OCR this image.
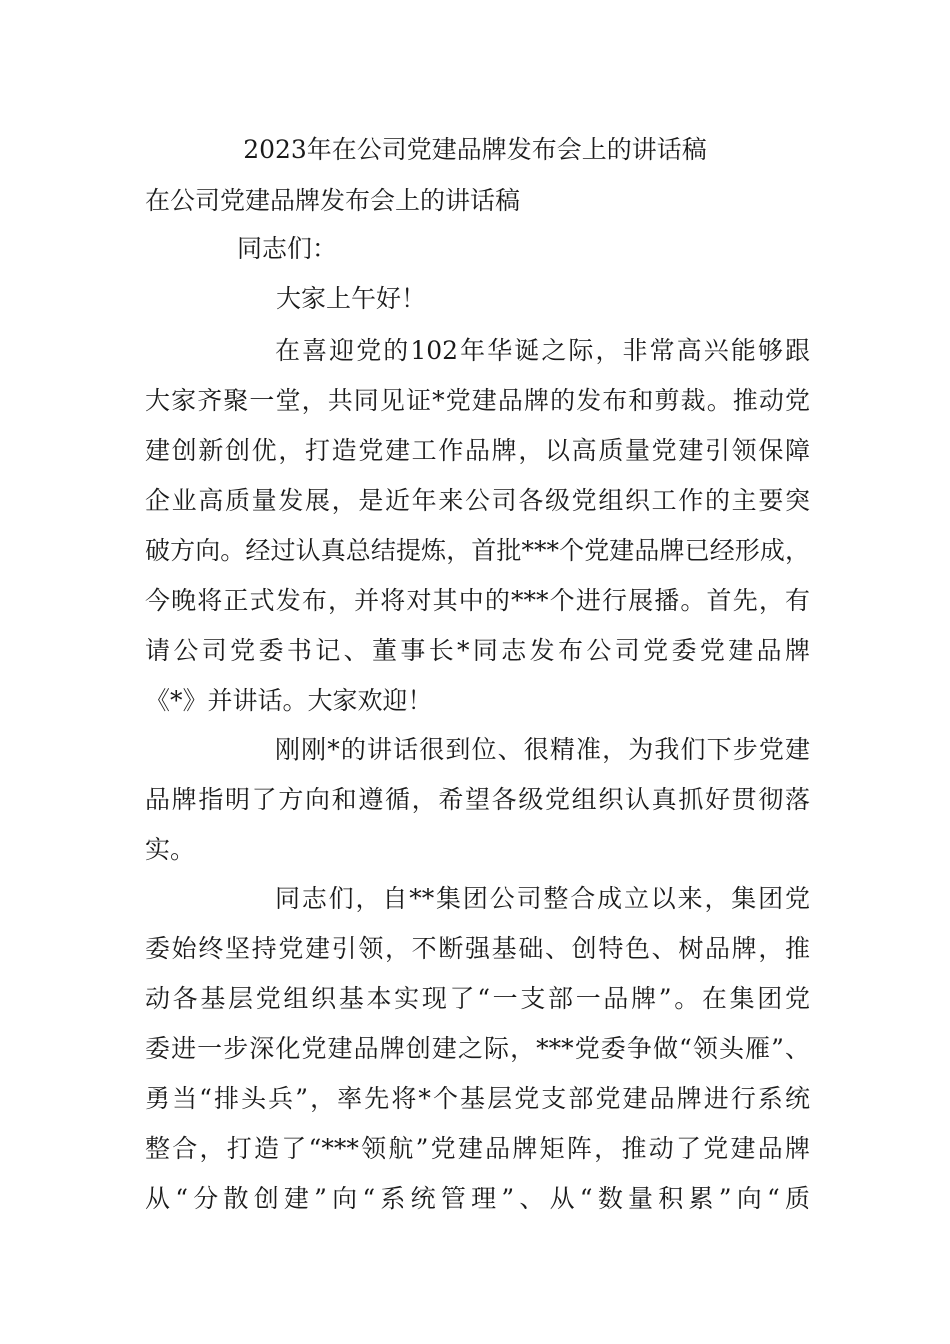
2023年在公司党建品牌发布会上的讲话稿

在公司党建品牌发布会上的讲话稿

同志们：

大家上午好！

在喜迎党的102年华诞之际，非常高兴能够跟
大家齐聚一堂，共同见证*党建品牌的发布和剪裁。推动党
建创新创优，打造党建工作品牌，以高质量党建引领保障
企业高质量发展，是近年来公司各级党组织工作的主要突
破方向。经过认真总结提炼，首批***个党建品牌已经形成，
今晚将正式发布，并将对其中的***个进行展播。首先，有
请公司党委书记、董事长*同志发布公司党委党建品牌
《*》并讲话。大家欢迎！
刚刚*的讲话很到位、很精准，为我们下步党建
品牌指明了方向和遵循，希望各级党组织认真抓好贯彻落
实。
同志们，自**集团公司整合成立以来，集团党
委始终坚持党建引领，不断强基础、创特色、树品牌，推
动各基层党组织基本实现了“一支部一品牌”。在集团党
委进一步深化党建品牌创建之际，***党委争做“领头雁”、
勇当“排头兵”，率先将*个基层党支部党建品牌进行系统
整合，打造了“***领航”党建品牌矩阵，推动了党建品牌
从“分散创建”向“系统管理”、从“数量积累”向“质
